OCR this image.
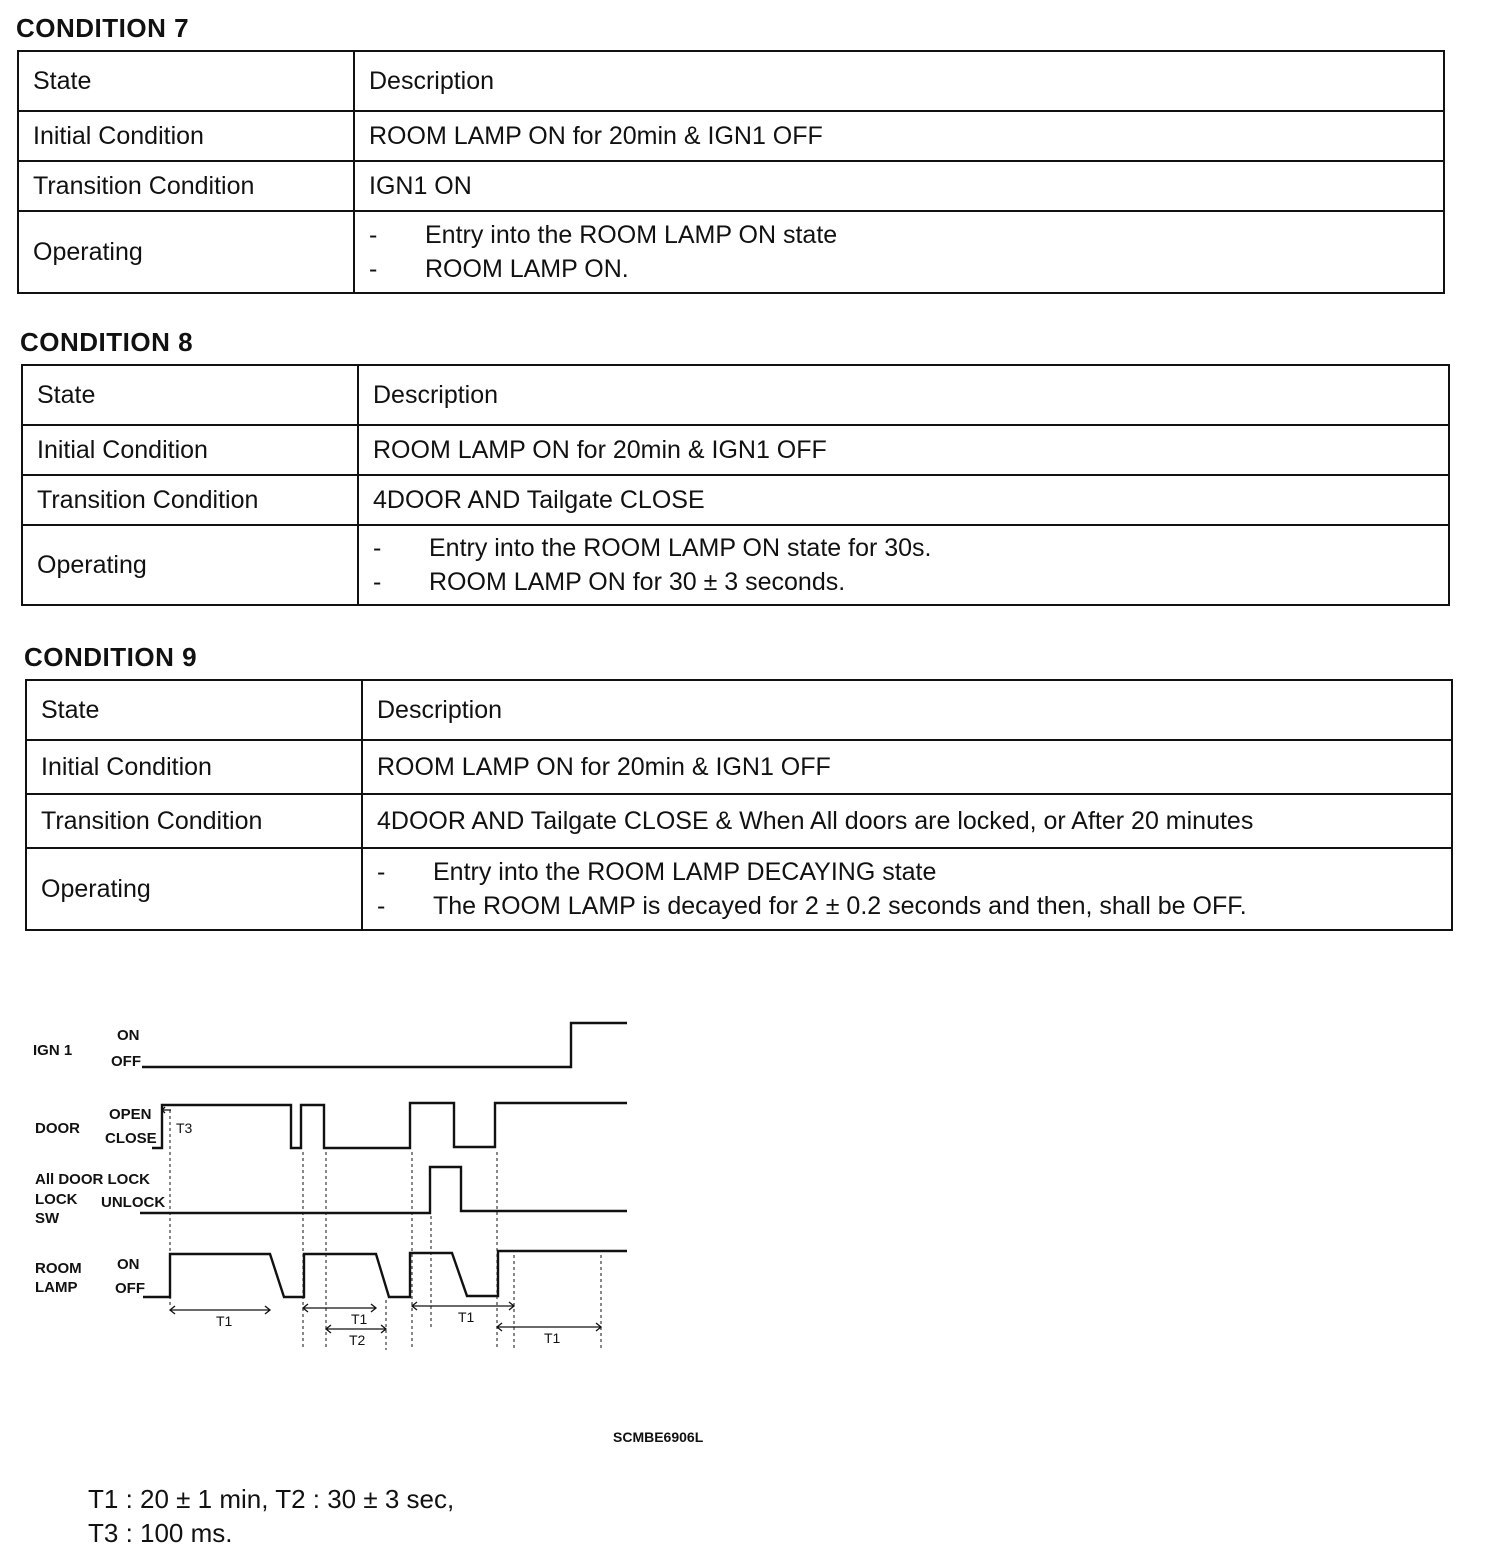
CONDITION 7
State	Description
Initial Condition	ROOM LAMP ON for 20min & IGN1 OFF
Transition Condition	IGN1 ON
Operating	- Entry into the ROOM LAMP ON state
- ROOM LAMP ON.
CONDITION 8
State	Description
Initial Condition	ROOM LAMP ON for 20min & IGN1 OFF
Transition Condition	4DOOR AND Tailgate CLOSE
Operating	- Entry into the ROOM LAMP ON state for 30s.
- ROOM LAMP ON for 30 ± 3 seconds.
CONDITION 9
State	Description
Initial Condition	ROOM LAMP ON for 20min & IGN1 OFF
Transition Condition	4DOOR AND Tailgate CLOSE & When All doors are locked, or After 20 minutes
Operating	- Entry into the ROOM LAMP DECAYING state
- The ROOM LAMP is decayed for 2 ± 0.2 seconds and then, shall be OFF.
IGN 1
ON
OFF
DOOR
OPEN
CLOSE
All DOOR LOCK
LOCK
SW
UNLOCK
ROOM
LAMP
ON
OFF
T3
T1	T1
T2
T1
T1
SCMBE6906L
T1 : 20 ± 1 min, T2 : 30 ± 3 sec,
T3 : 100 ms.
